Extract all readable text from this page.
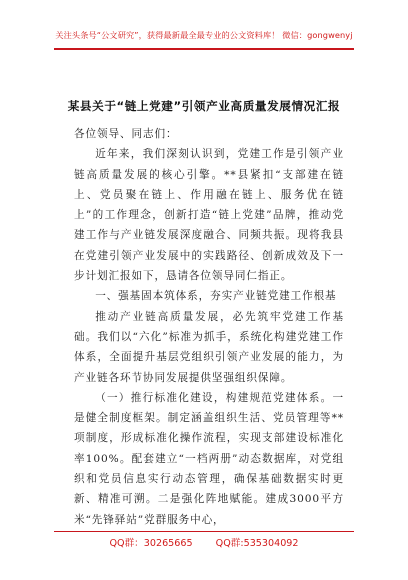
关注头条号“公文研究”，获得最新最全最专业的公文资料库！ 微信：gongwenyj
某县关于“链上党建”引领产业高质量发展情况汇报

各位领导、同志们：

近年来，我们深刻认识到，党建工作是引领产业链高质量发展的核心引擎。**县紧扣“支部建在链上、党员聚在链上、作用融在链上、服务优在链上”的工作理念，创新打造“链上党建”品牌，推动党建工作与产业链发展深度融合、同频共振。现将我县在党建引领产业发展中的实践路径、创新成效及下一步计划汇报如下，恳请各位领导同仁指正。

一、强基固本筑体系，夯实产业链党建工作根基

推动产业链高质量发展，必先筑牢党建工作基础。我们以“六化”标准为抓手，系统化构建党建工作体系，全面提升基层党组织引领产业发展的能力，为产业链各环节协同发展提供坚强组织保障。

（一）推行标准化建设，构建规范党建体系。一是健全制度框架。制定涵盖组织生活、党员管理等**项制度，形成标准化操作流程，实现支部建设标准化率100%。配套建立“一档两册”动态数据库，对党组织和党员信息实行动态管理，确保基础数据实时更新、精准可溯。二是强化阵地赋能。建成3000平方米“先锋驿站”党群服务中心，

QQ群：30265665 QQ群:535304092
